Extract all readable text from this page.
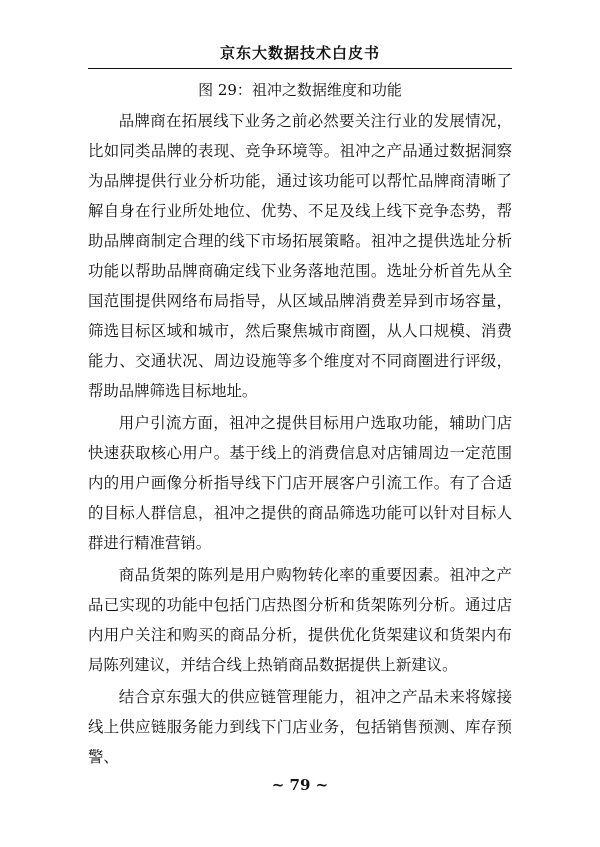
京东大数据技术白皮书
图 29：祖冲之数据维度和功能

品牌商在拓展线下业务之前必然要关注行业的发展情况，比如同类品牌的表现、竞争环境等。祖冲之产品通过数据洞察为品牌提供行业分析功能，通过该功能可以帮忙品牌商清晰了解自身在行业所处地位、优势、不足及线上线下竞争态势，帮助品牌商制定合理的线下市场拓展策略。祖冲之提供选址分析功能以帮助品牌商确定线下业务落地范围。选址分析首先从全国范围提供网络布局指导，从区域品牌消费差异到市场容量，筛选目标区域和城市，然后聚焦城市商圈，从人口规模、消费能力、交通状况、周边设施等多个维度对不同商圈进行评级，帮助品牌筛选目标地址。

用户引流方面，祖冲之提供目标用户选取功能，辅助门店快速获取核心用户。基于线上的消费信息对店铺周边一定范围内的用户画像分析指导线下门店开展客户引流工作。有了合适的目标人群信息，祖冲之提供的商品筛选功能可以针对目标人群进行精准营销。

商品货架的陈列是用户购物转化率的重要因素。祖冲之产品已实现的功能中包括门店热图分析和货架陈列分析。通过店内用户关注和购买的商品分析，提供优化货架建议和货架内布局陈列建议，并结合线上热销商品数据提供上新建议。

结合京东强大的供应链管理能力，祖冲之产品未来将嫁接线上供应链服务能力到线下门店业务，包括销售预测、库存预警、

~ 79 ~
